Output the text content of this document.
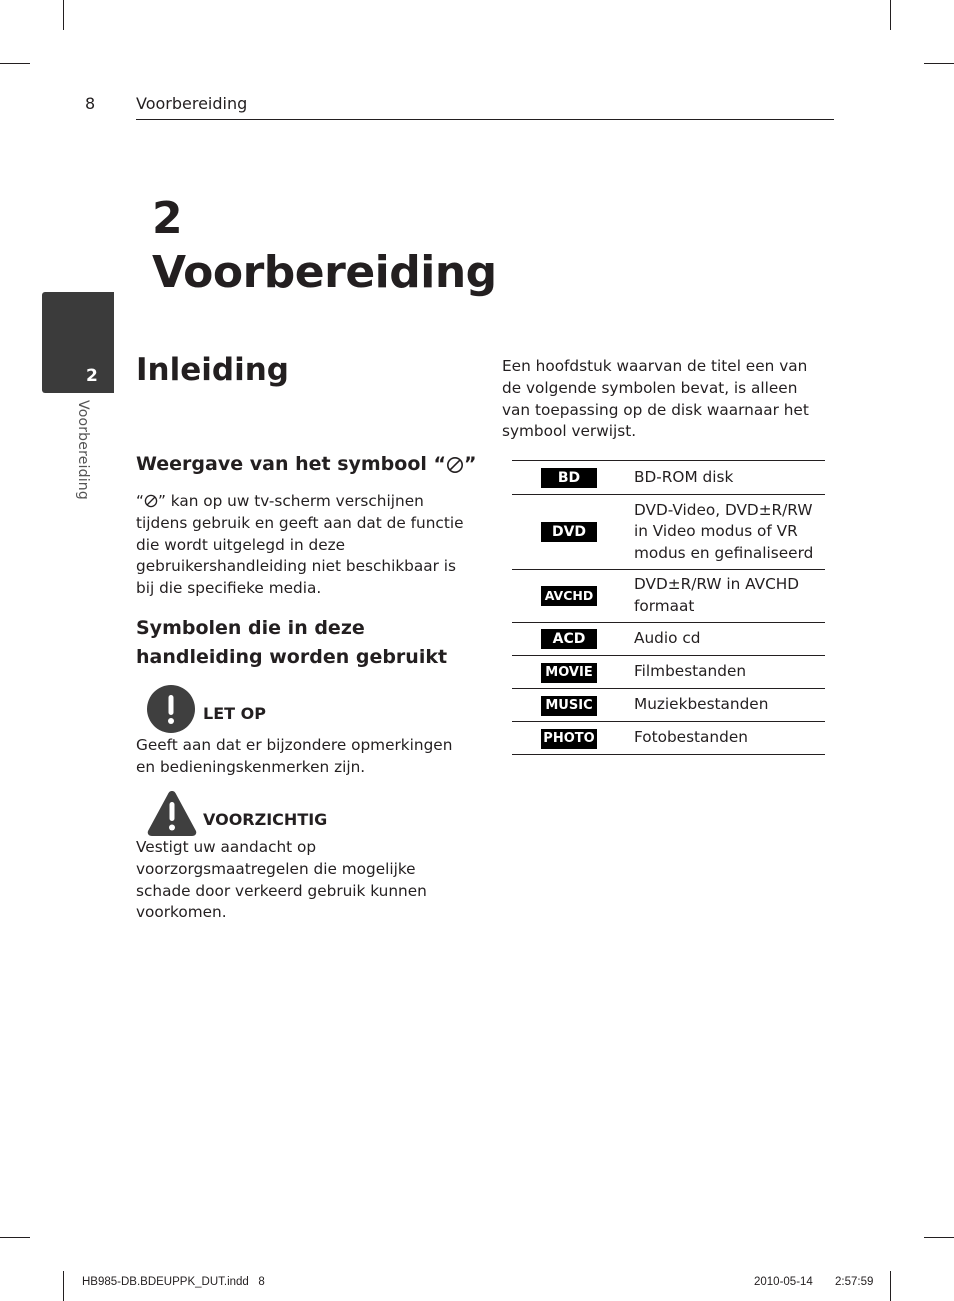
8	Voorbereiding
2
Voorbereiding
2
Voorbereiding
Inleiding
Weergave van het symbool “ ”
“ ” kan op uw tv-scherm verschijnen tijdens gebruik en geeft aan dat de functie die wordt uitgelegd in deze gebruikershandleiding niet beschikbaar is bij die specifieke media.
Symbolen die in deze handleiding worden gebruikt
LET OP
Geeft aan dat er bijzondere opmerkingen en bedieningskenmerken zijn.
VOORZICHTIG
Vestigt uw aandacht op voorzorgsmaatregelen die mogelijke schade door verkeerd gebruik kunnen voorkomen.
Een hoofdstuk waarvan de titel een van de volgende symbolen bevat, is alleen van toepassing op de disk waarnaar het symbool verwijst.
BD	BD-ROM disk
DVD	DVD-Video, DVD±R/RW in Video modus of VR modus en gefinaliseerd
AVCHD	DVD±R/RW in AVCHD formaat
ACD	Audio cd
MOVIE	Filmbestanden
MUSIC	Muziekbestanden
PHOTO	Fotobestanden
HB985-DB.BDEUPPK_DUT.indd   8	2010-05-14 2:57:59
